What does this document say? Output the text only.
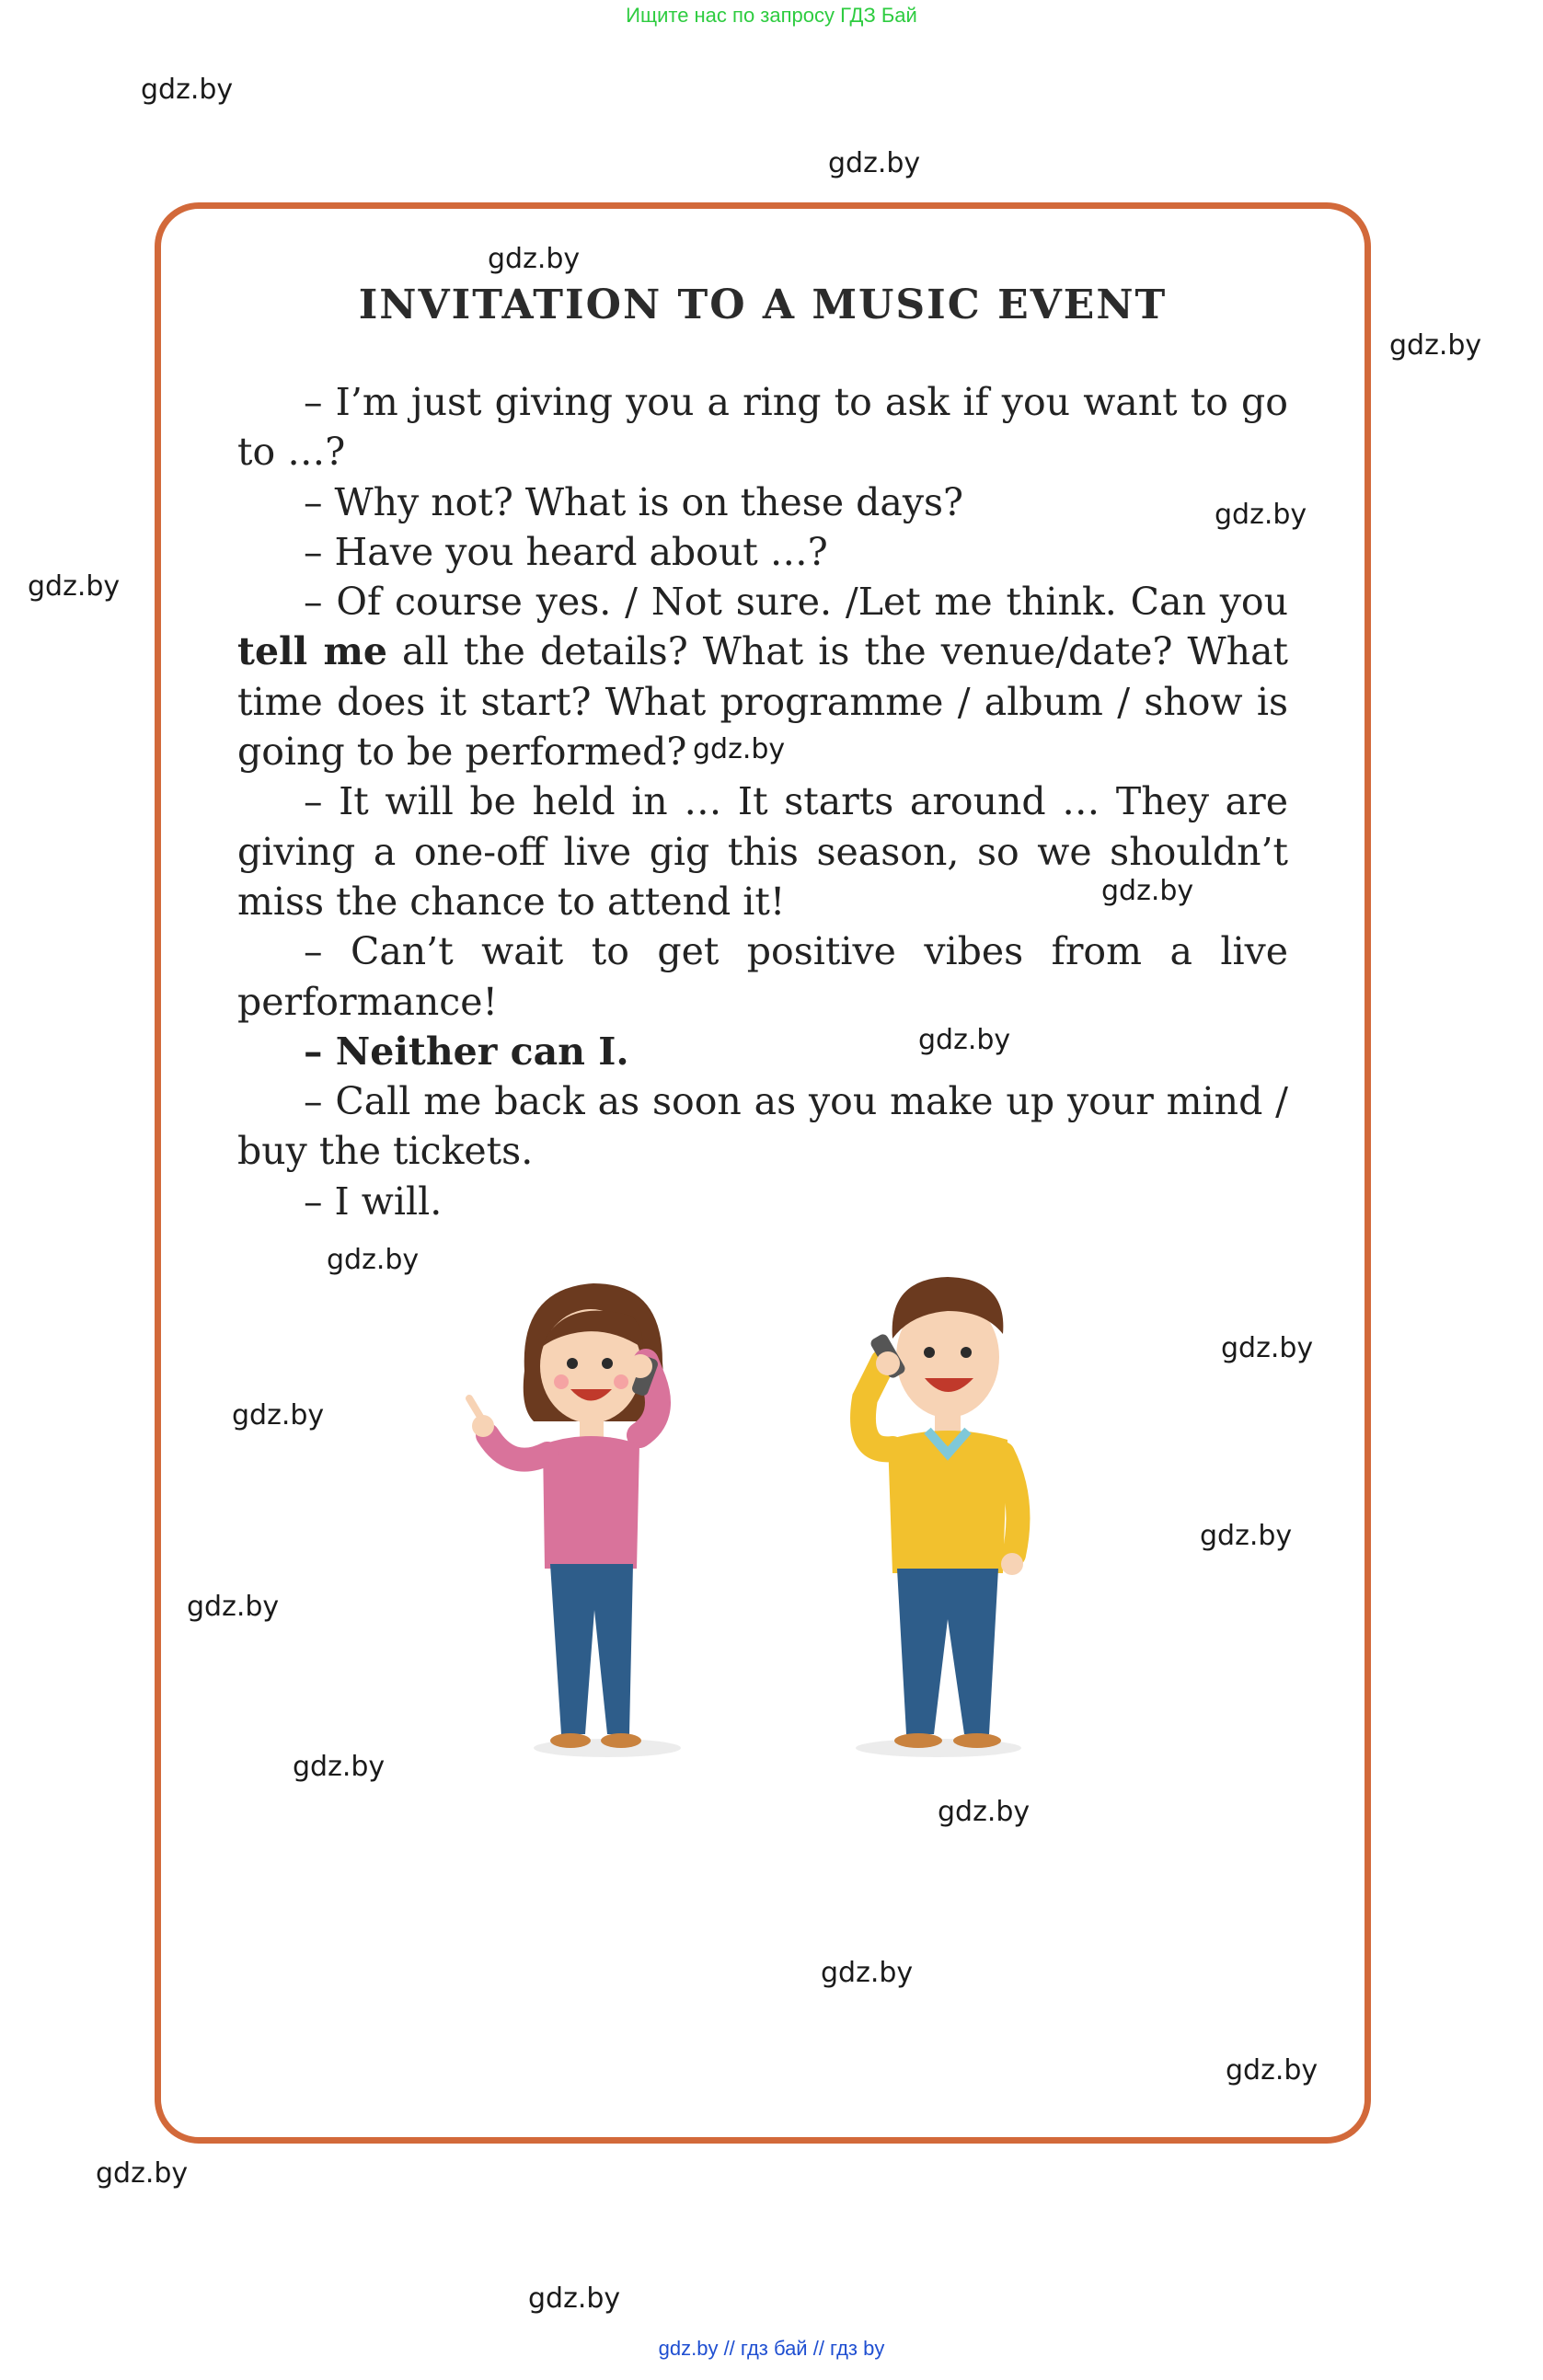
Ищите нас по запросу ГДЗ Бай
gdz.by
gdz.by
gdz.by
gdz.by
gdz.by
gdz.by
gdz.by
gdz.by
gdz.by
gdz.by
gdz.by
gdz.by
gdz.by
gdz.by
gdz.by
gdz.by
gdz.by
gdz.by
gdz.by
gdz.by
INVITATION TO A MUSIC EVENT

– I’m just giving you a ring to ask if you want to go to …?

– Why not? What is on these days?

– Have you heard about …?

– Of course yes. / Not sure. /Let me think. Can you tell me all the details? What is the venue/date? What time does it start? What programme / album / show is going to be performed?

– It will be held in … It starts around … They are giving a one-off live gig this season, so we shouldn’t miss the chance to attend it!

– Can’t wait to get positive vibes from a live performance!

– Neither can I.

– Call me back as soon as you make up your mind / buy the tickets.

– I will.

gdz.by // гдз бай // гдз by
